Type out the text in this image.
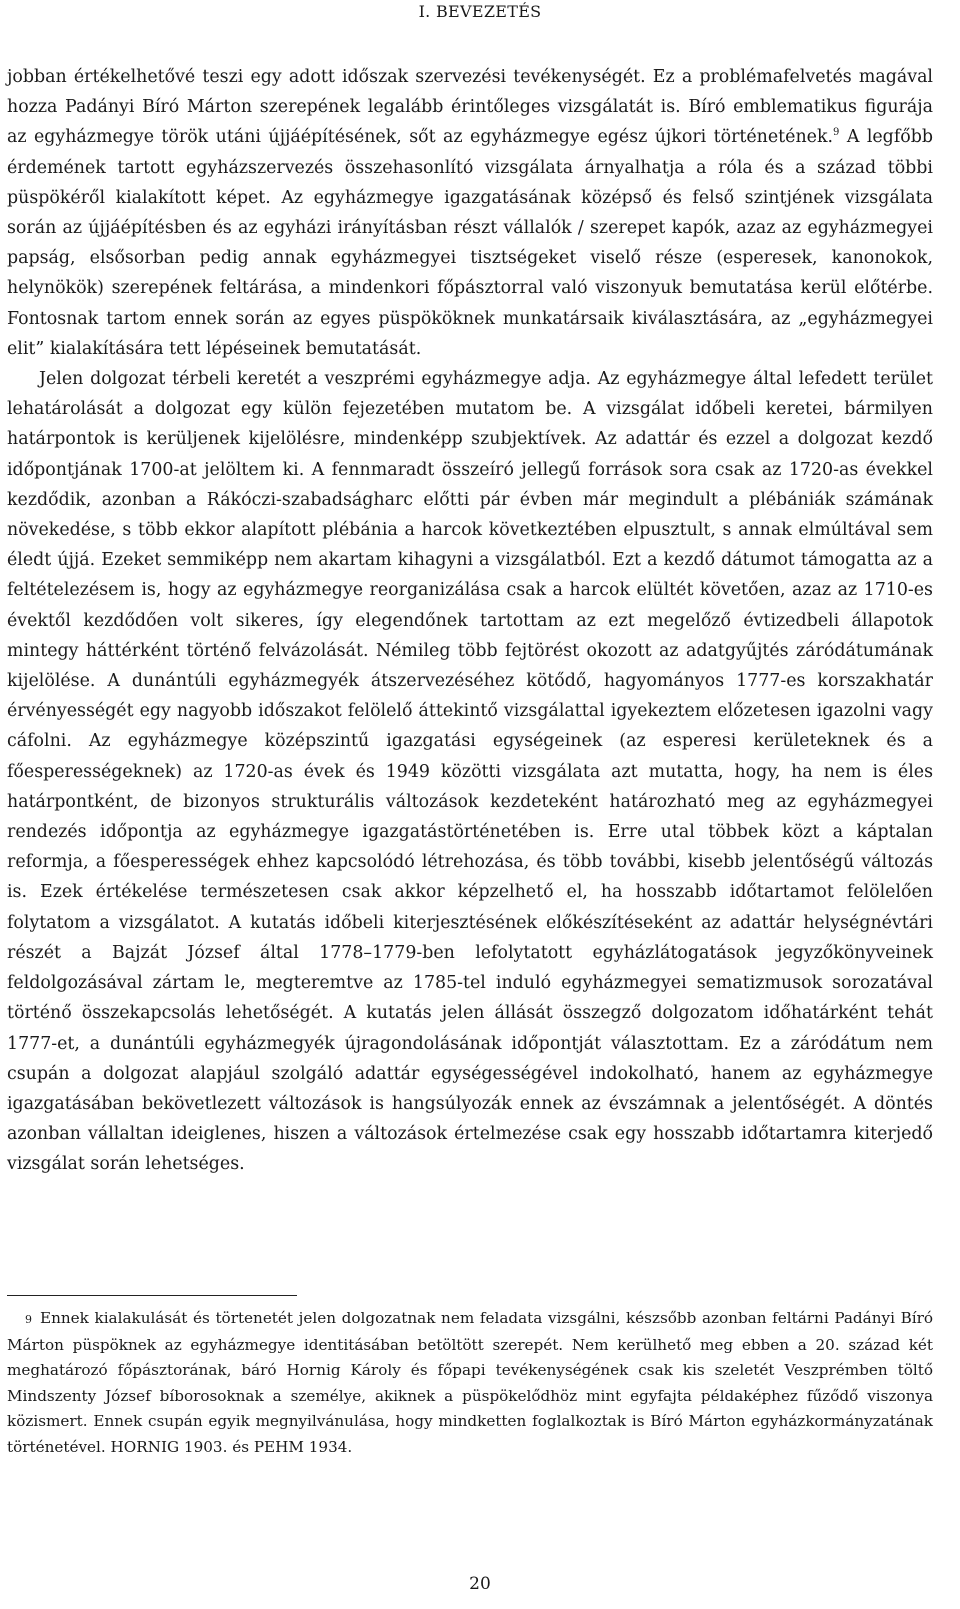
I. BEVEZETÉS

jobban értékelhetővé teszi egy adott időszak szervezési tevékenységét. Ez a problémafelvetés magával hozza Padányi Bíró Márton szerepének legalább érintőleges vizsgálatát is. Bíró emblematikus figurája az egyházmegye török utáni újjáépítésének, sőt az egyházmegye egész újkori történetének.$^9$ A legfőbb érdemének tartott egyházszervezés összehasonlító vizsgálata árnyalhatja a róla és a század többi püspökéről kialakított képet. Az egyházmegye igazgatásának középső és felső szintjének vizsgálata során az újjáépítésben és az egyházi irányításban részt vállalók / szerepet kapók, azaz az egyházmegyei papság, elsősorban pedig annak egyházmegyei tisztségeket viselő része (esperesek, kanonokok, helynökök) szerepének feltárása, a mindenkori főpásztorral való viszonyuk bemutatása kerül előtérbe. Fontosnak tartom ennek során az egyes püspököknek munkatársaik kiválasztására, az „egyházmegyei elit” kialakítására tett lépéseinek bemutatását.

Jelen dolgozat térbeli keretét a veszprémi egyházmegye adja. Az egyházmegye által lefedett terület lehatárolását a dolgozat egy külön fejezetében mutatom be. A vizsgálat időbeli keretei, bármilyen határpontok is kerüljenek kijelölésre, mindenképp szubjektívek. Az adattár és ezzel a dolgozat kezdő időpontjának 1700-at jelöltem ki. A fennmaradt összeíró jellegű források sora csak az 1720-as évekkel kezdődik, azonban a Rákóczi-szabadságharc előtti pár évben már megindult a plébániák számának növekedése, s több ekkor alapított plébánia a harcok következtében elpusztult, s annak elmúltával sem éledt újjá. Ezeket semmiképp nem akartam kihagyni a vizsgálatból. Ezt a kezdő dátumot támogatta az a feltételezésem is, hogy az egyházmegye reorganizálása csak a harcok elültét követően, azaz az 1710-es évektől kezdődően volt sikeres, így elegendőnek tartottam az ezt megelőző évtizedbeli állapotok mintegy háttérként történő felvázolását. Némileg több fejtörést okozott az adatgyűjtés záródátumának kijelölése. A dunántúli egyházmegyék átszervezéséhez kötődő, hagyományos 1777-es korszakhatár érvényességét egy nagyobb időszakot felölelő áttekintő vizsgálattal igyekeztem előzetesen igazolni vagy cáfolni. Az egyházmegye középszintű igazgatási egységeinek (az esperesi kerületeknek és a főesperességeknek) az 1720-as évek és 1949 közötti vizsgálata azt mutatta, hogy, ha nem is éles határpontként, de bizonyos strukturális változások kezdeteként határozható meg az egyházmegyei rendezés időpontja az egyházmegye igazgatástörténetében is. Erre utal többek közt a káptalan reformja, a főesperességek ehhez kapcsolódó létrehozása, és több további, kisebb jelentőségű változás is. Ezek értékelése természetesen csak akkor képzelhető el, ha hosszabb időtartamot felölelően folytatom a vizsgálatot. A kutatás időbeli kiterjesztésének előkészítéseként az adattár helységnévtári részét a Bajzát József által 1778–1779-ben lefolytatott egyházlátogatások jegyzőkönyveinek feldolgozásával zártam le, megteremtve az 1785-tel induló egyházmegyei sematizmusok sorozatával történő összekapcsolás lehetőségét. A kutatás jelen állását összegző dolgozatom időhatárként tehát 1777-et, a dunántúli egyházmegyék újragondolásának időpontját választottam. Ez a záródátum nem csupán a dolgozat alapjául szolgáló adattár egységességével indokolható, hanem az egyházmegye igazgatásában bekövetlezett változások is hangsúlyozák ennek az évszámnak a jelentőségét. A döntés azonban vállaltan ideiglenes, hiszen a változások értelmezése csak egy hosszabb időtartamra kiterjedő vizsgálat során lehetséges.

9 Ennek kialakulását és törtenetét jelen dolgozatnak nem feladata vizsgálni, készsőbb azonban feltárni Padányi Bíró Márton püspöknek az egyházmegye identitásában betöltött szerepét. Nem kerülhető meg ebben a 20. század két meghatározó főpásztorának, báró Hornig Károly és főpapi tevékenységének csak kis szeletét Veszprémben töltő Mindszenty József bíborosoknak a személye, akiknek a püspökelődhöz mint egyfajta példaképhez fűződő viszonya közismert. Ennek csupán egyik megnyilvánulása, hogy mindketten foglalkoztak is Bíró Márton egyházkormányzatának történetével. HORNIG 1903. és PEHM 1934.

20
